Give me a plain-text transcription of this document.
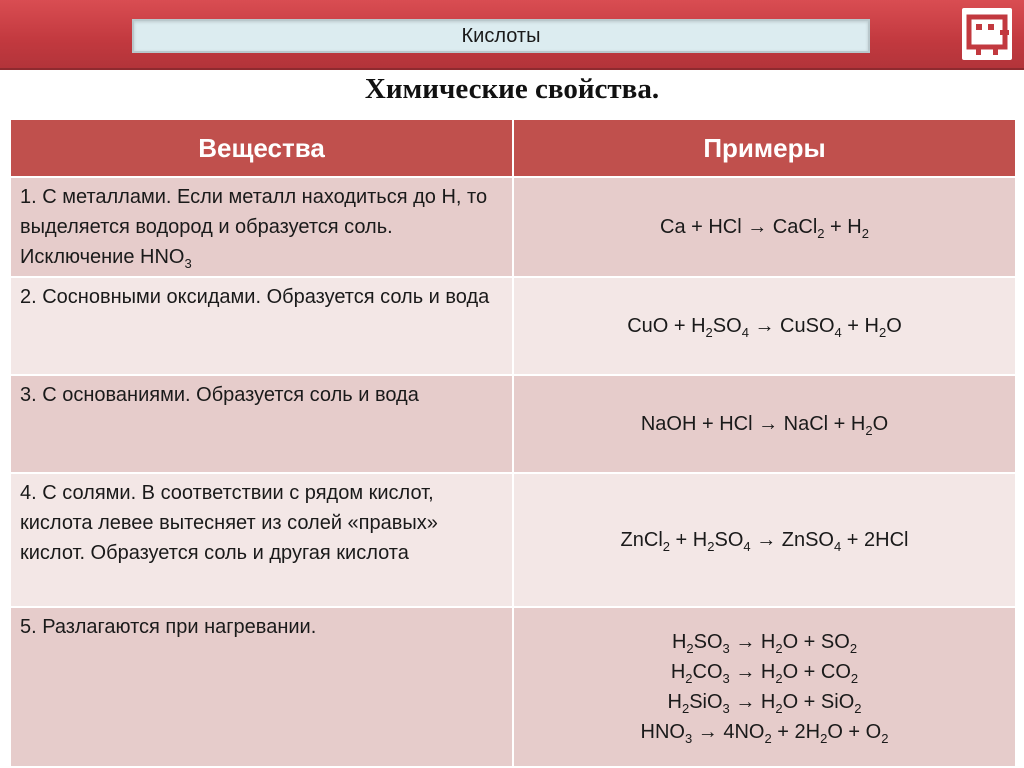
Кислоты
Химические свойства.
Вещества	Примеры
1. С металлами. Если металл находиться до Н, то выделяется водород и образуется соль. Исключение $HNO_3$	Ca + HCl → CaCl$_2$ + $H_2$

2. Сосновными оксидами. Образуется соль и вода	CuO + $H_2SO_4$ → CuSO$_4$ + $H_2O$

3. С основаниями. Образуется соль и вода	NaOH + HCl → NaCl + $H_2O$

4. С солями. В соответствии с рядом кислот, кислота левее вытесняет из солей «правых» кислот. Образуется соль и другая кислота	ZnCl$_2$ + $H_2SO_4$ → ZnSO$_4$ + 2HCl

5. Разлагаются при нагревании.	$H_2SO_3 \to H_2O + SO_2$
$H_2CO_3 \to H_2O + CO_2$
$H_2SiO_3 \to H_2O + SiO_2$
$HNO_3 \to 4NO_2 + 2H_2O + O_2$
